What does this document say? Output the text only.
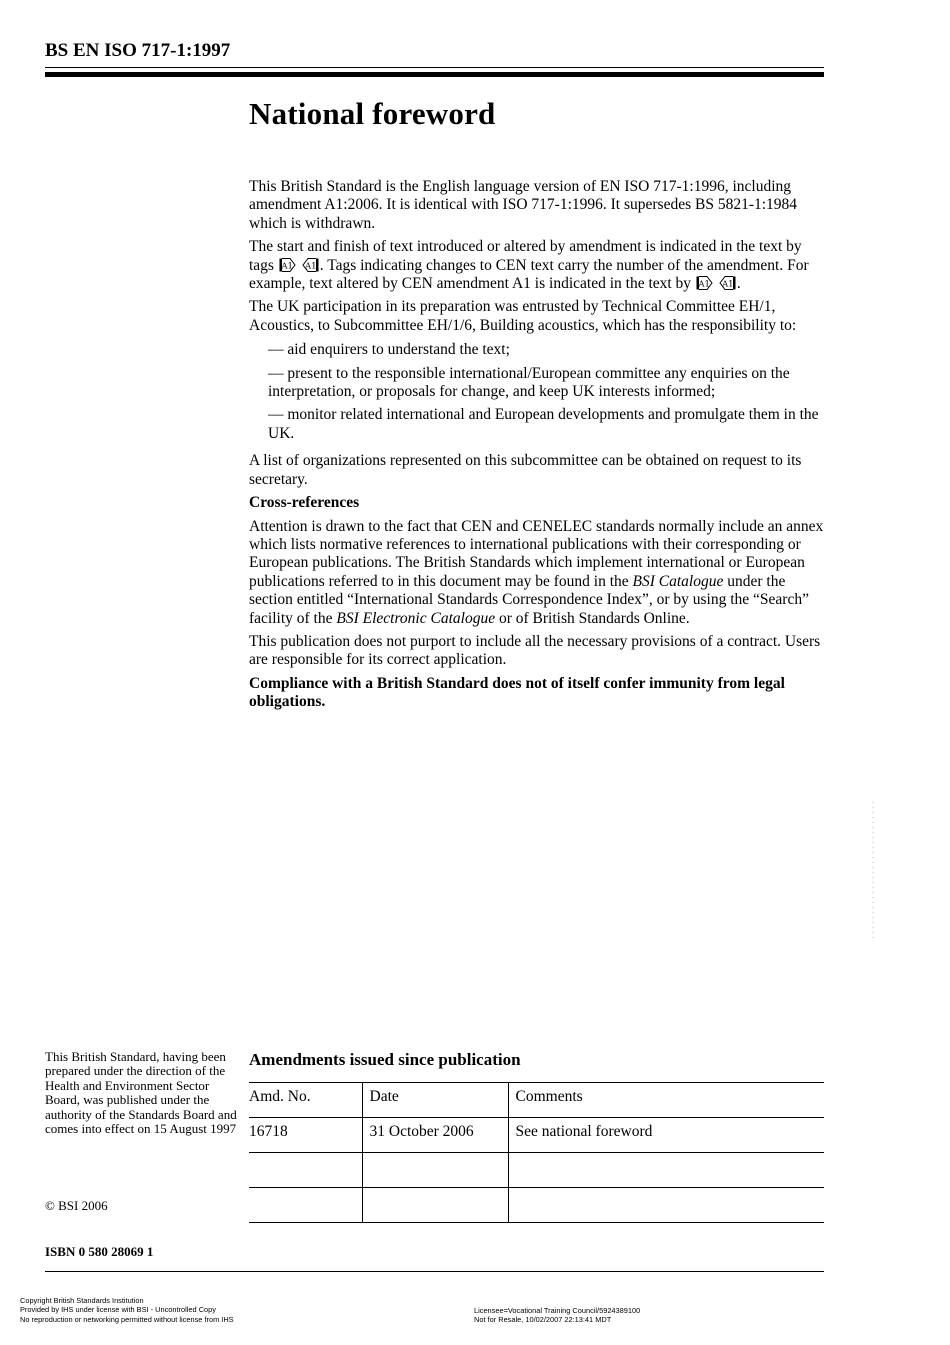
BS EN ISO 717-1:1997
National foreword

This British Standard is the English language version of EN ISO 717-1:1996, including amendment A1:2006. It is identical with ISO 717-1:1996. It supersedes BS 5821-1:1984 which is withdrawn.

The start and finish of text introduced or altered by amendment is indicated in the text by tags A1
A1 . Tags indicating changes to CEN text carry the number of the amendment. For example, text altered by CEN amendment A1 is indicated in the text by A1
A1 .

The UK participation in its preparation was entrusted by Technical Committee EH/1, Acoustics, to Subcommittee EH/1/6, Building acoustics, which has the responsibility to:

— aid enquirers to understand the text;

— present to the responsible international/European committee any enquiries on the interpretation, or proposals for change, and keep UK interests informed;

— monitor related international and European developments and promulgate them in the UK.

A list of organizations represented on this subcommittee can be obtained on request to its secretary.

Cross-references

Attention is drawn to the fact that CEN and CENELEC standards normally include an annex which lists normative references to international publications with their corresponding or European publications. The British Standards which implement international or European publications referred to in this document may be found in the BSI Catalogue under the section entitled “International Standards Correspondence Index”, or by using the “Search” facility of the BSI Electronic Catalogue or of British Standards Online.

This publication does not purport to include all the necessary provisions of a contract. Users are responsible for its correct application.

Compliance with a British Standard does not of itself confer immunity from legal obligations.

This British Standard, having been prepared under the direction of the Health and Environment Sector Board, was published under the authority of the Standards Board and comes into effect on 15 August 1997
© BSI 2006
ISBN 0 580 28069 1
Amendments issued since publication
Amd. No.	Date	Comments
16718	31 October 2006	See national foreword

Copyright British Standards Institution
Provided by IHS under license with BSI - Uncontrolled Copy
No reproduction or networking permitted without license from IHS
Licensee=Vocational Training Council/5924389100
Not for Resale, 10/02/2007 22:13:41 MDT
